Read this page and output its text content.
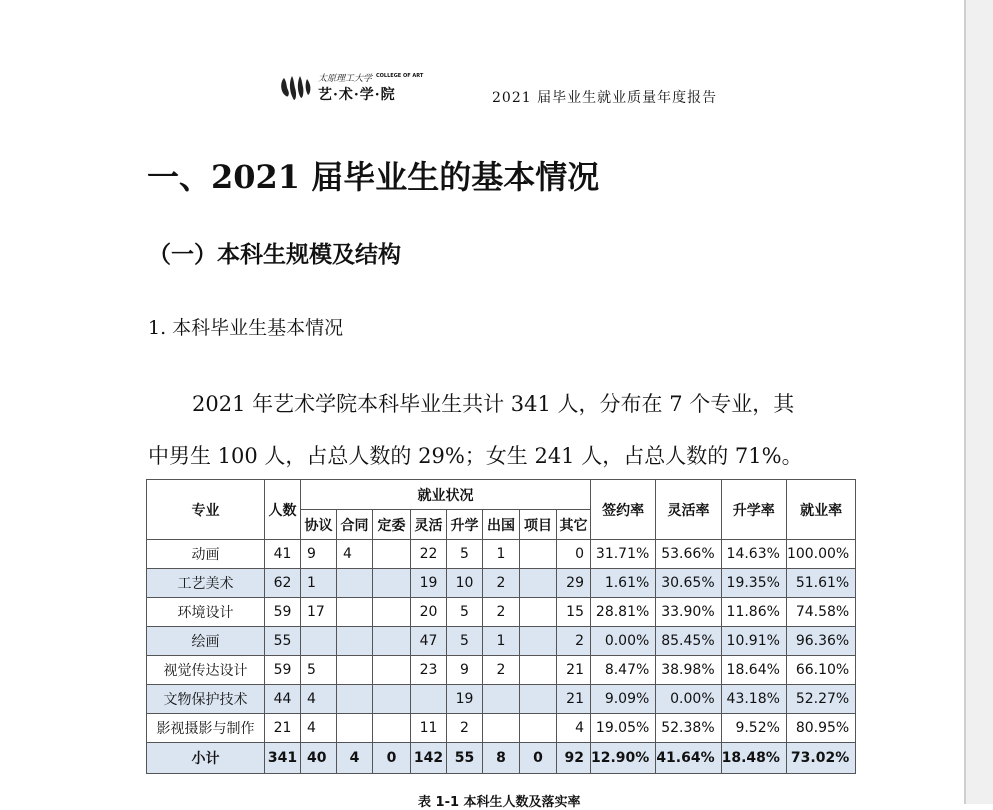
太原理工大学 COLLEGE OF ART
艺·术·学·院	2021 届毕业生就业质量年度报告
一、2021 届毕业生的基本情况
（一）本科生规模及结构
1. 本科毕业生基本情况
2021 年艺术学院本科毕业生共计 341 人，分布在 7 个专业，其
中男生 100 人，占总人数的 29%；女生 241 人，占总人数的 71%。
专业	人数	就业状况								签约率	灵活率	升学率	就业率
		协议	合同	定委	灵活	升学	出国	项目	其它				
动画	41	9	4		22	5	1		0	31.71%	53.66%	14.63%	100.00%
工艺美术	62	1			19	10	2		29	1.61%	30.65%	19.35%	51.61%
环境设计	59	17			20	5	2		15	28.81%	33.90%	11.86%	74.58%
绘画	55				47	5	1		2	0.00%	85.45%	10.91%	96.36%
视觉传达设计	59	5			23	9	2		21	8.47%	38.98%	18.64%	66.10%
文物保护技术	44	4				19			21	9.09%	0.00%	43.18%	52.27%
影视摄影与制作	21	4			11	2			4	19.05%	52.38%	9.52%	80.95%
小计	341	40	4	0	142	55	8	0	92	12.90%	41.64%	18.48%	73.02%
表 1-1 本科生人数及落实率
